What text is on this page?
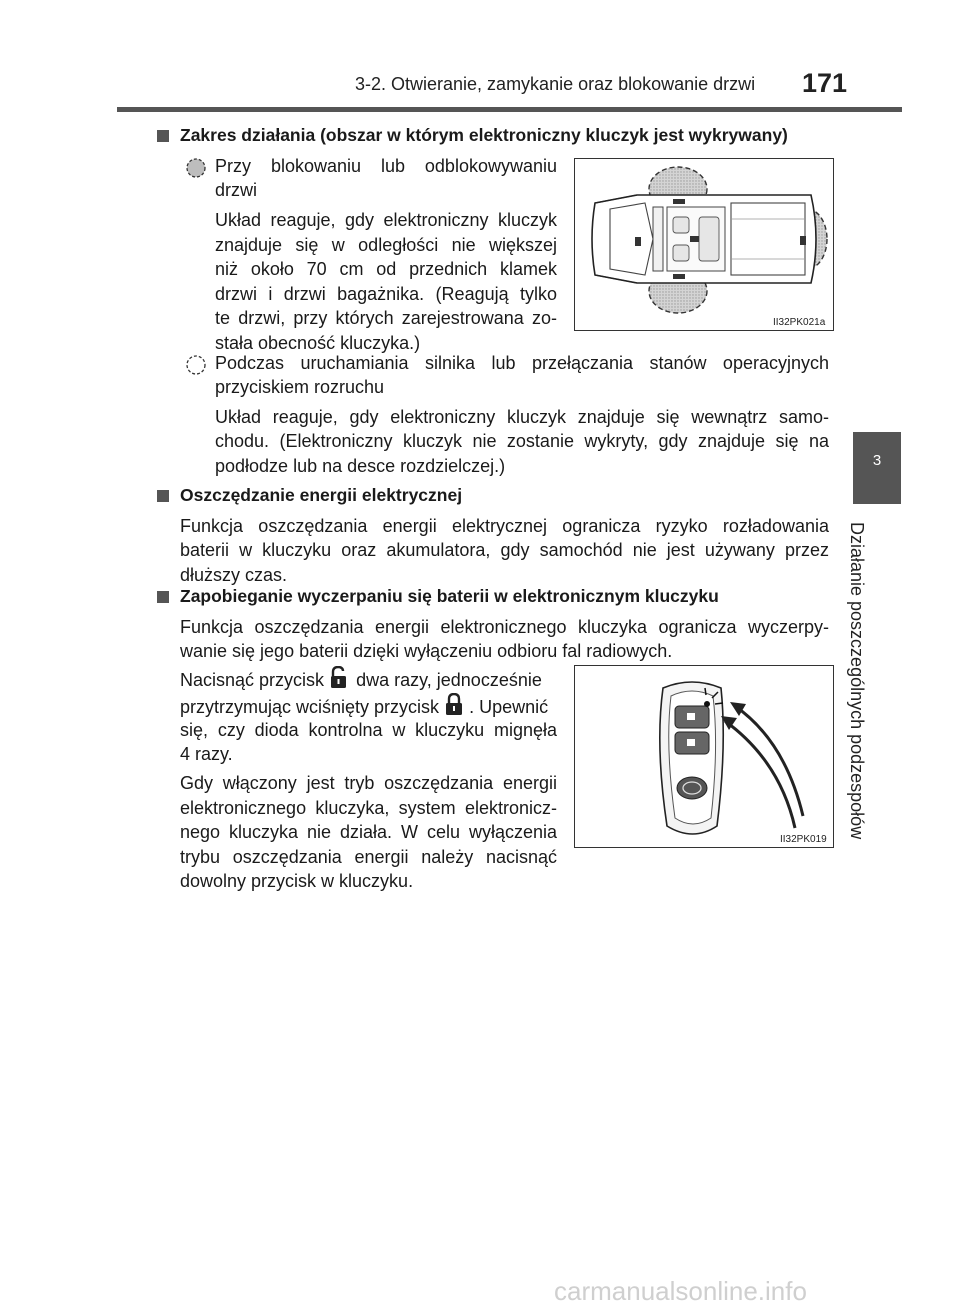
3-2. Otwieranie, zamykanie oraz blokowanie drzwi 171
3
Działanie poszczególnych podzespołów
Zakres działania (obszar w którym elektroniczny kluczyk jest wykrywany)
Przy blokowaniu lub odblokowywaniu
drzwi
Układ reaguje, gdy elektroniczny kluczyk
znajduje się w odległości nie większej
niż około 70 cm od przednich klamek
drzwi i drzwi bagażnika. (Reagują tylko
te drzwi, przy których zarejestrowana zo-
stała obecność kluczyka.)
II32PK021a
Podczas uruchamiania silnika lub przełączania stanów operacyjnych
przyciskiem rozruchu
Układ reaguje, gdy elektroniczny kluczyk znajduje się wewnątrz samo-
chodu. (Elektroniczny kluczyk nie zostanie wykryty, gdy znajduje się na
podłodze lub na desce rozdzielczej.)
Oszczędzanie energii elektrycznej
Funkcja oszczędzania energii elektrycznej ogranicza ryzyko rozładowania
baterii w kluczyku oraz akumulatora, gdy samochód nie jest używany przez
dłuższy czas.
Zapobieganie wyczerpaniu się baterii w elektronicznym kluczyku
Funkcja oszczędzania energii elektronicznego kluczyka ogranicza wyczerpy-
wanie się jego baterii dzięki wyłączeniu odbioru fal radiowych.
Nacisnąć przycisk dwa razy, jednocześnie
przytrzymując wciśnięty przycisk . Upewnić
się, czy dioda kontrolna w kluczyku mignęła
4 razy.
Gdy włączony jest tryb oszczędzania energii
elektronicznego kluczyka, system elektronicz-
nego kluczyka nie działa. W celu wyłączenia
trybu oszczędzania energii należy nacisnąć
dowolny przycisk w kluczyku.
II32PK019
carmanualsonline.info
